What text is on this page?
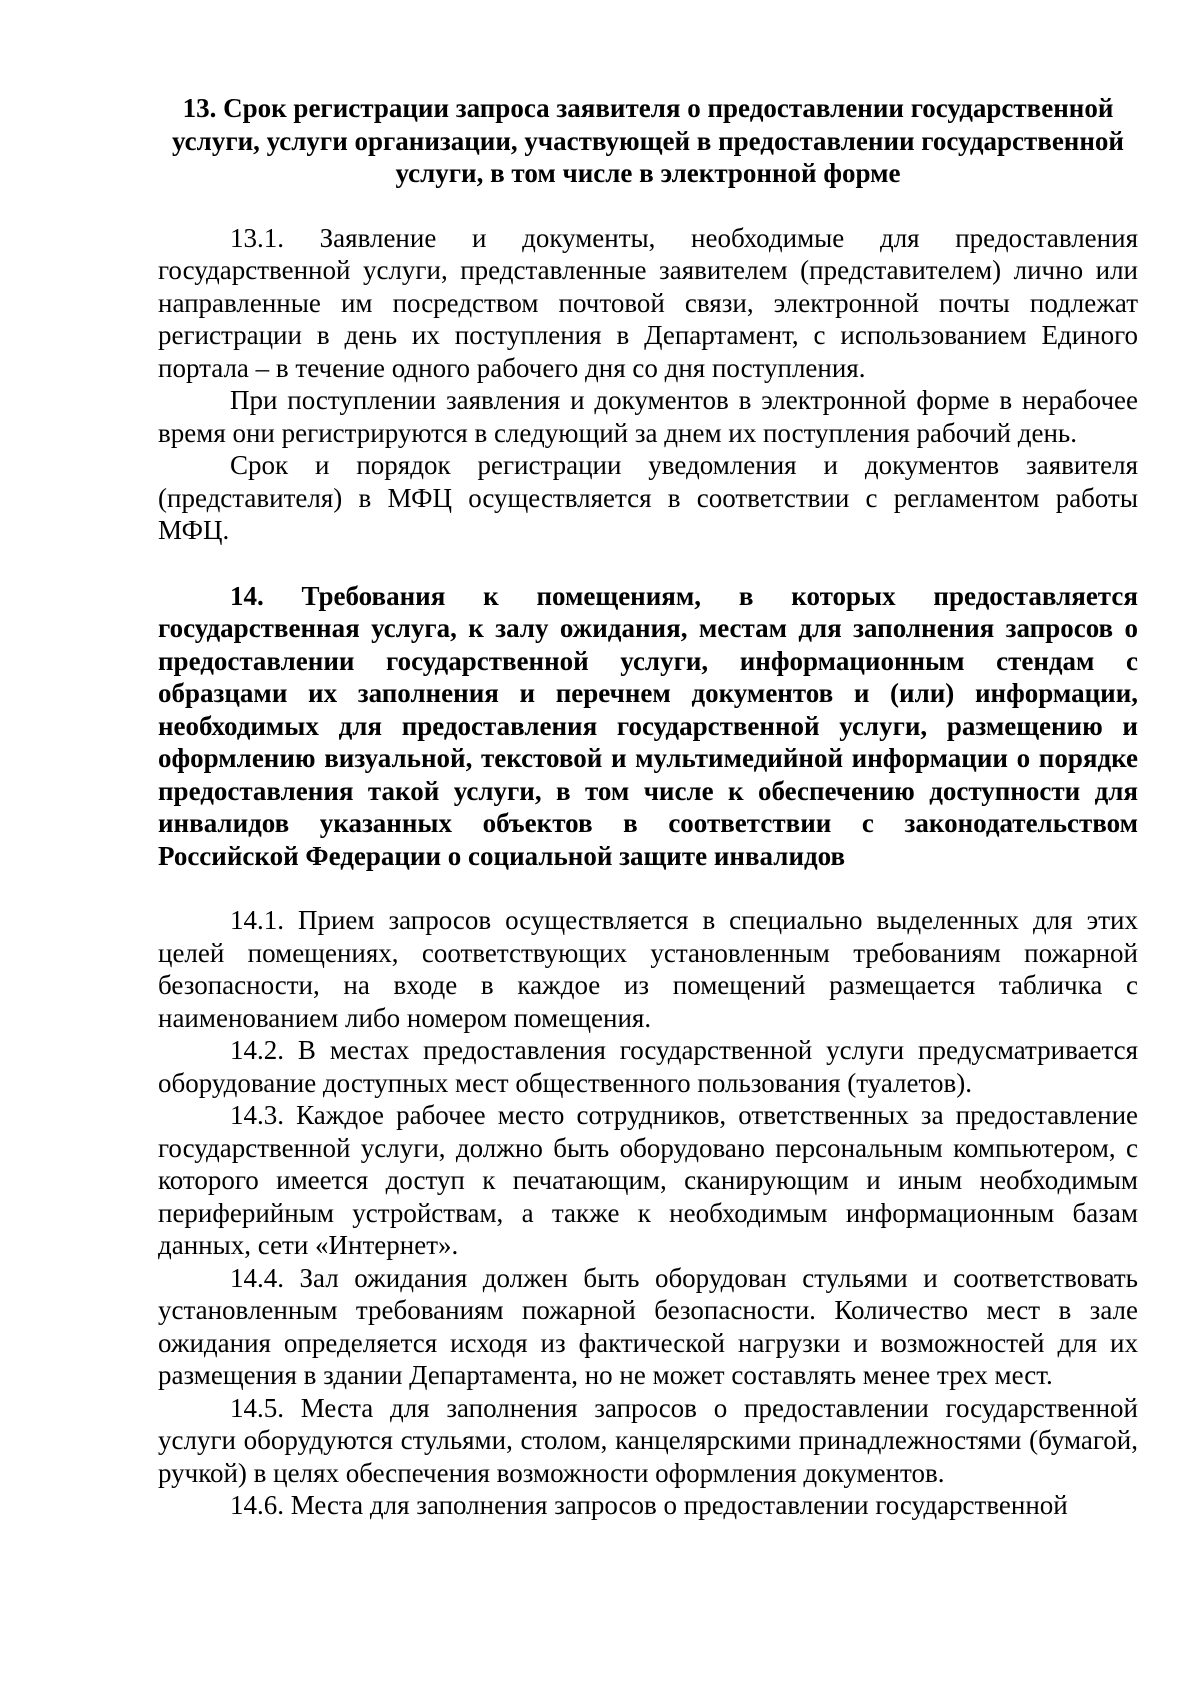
13. Срок регистрации запроса заявителя о предоставлении государственной услуги, услуги организации, участвующей в предоставлении государственной услуги, в том числе в электронной форме

13.1. Заявление и документы, необходимые для предоставления государственной услуги, представленные заявителем (представителем) лично или направленные им посредством почтовой связи, электронной почты подлежат регистрации в день их поступления в Департамент, с использованием Единого портала – в течение одного рабочего дня со дня поступления.

При поступлении заявления и документов в электронной форме в нерабочее время они регистрируются в следующий за днем их поступления рабочий день.

Срок и порядок регистрации уведомления и документов заявителя (представителя) в МФЦ осуществляется в соответствии с регламентом работы МФЦ.

14. Требования к помещениям, в которых предоставляется государственная услуга, к залу ожидания, местам для заполнения запросов о предоставлении государственной услуги, информационным стендам с образцами их заполнения и перечнем документов и (или) информации, необходимых для предоставления государственной услуги, размещению и оформлению визуальной, текстовой и мультимедийной информации о порядке предоставления такой услуги, в том числе к обеспечению доступности для инвалидов указанных объектов в соответствии с законодательством Российской Федерации о социальной защите инвалидов

14.1. Прием запросов осуществляется в специально выделенных для этих целей помещениях, соответствующих установленным требованиям пожарной безопасности, на входе в каждое из помещений размещается табличка с наименованием либо номером помещения.

14.2. В местах предоставления государственной услуги предусматривается оборудование доступных мест общественного пользования (туалетов).

14.3. Каждое рабочее место сотрудников, ответственных за предоставление государственной услуги, должно быть оборудовано персональным компьютером, с которого имеется доступ к печатающим, сканирующим и иным необходимым периферийным устройствам, а также к необходимым информационным базам данных, сети «Интернет».

14.4. Зал ожидания должен быть оборудован стульями и соответствовать установленным требованиям пожарной безопасности. Количество мест в зале ожидания определяется исходя из фактической нагрузки и возможностей для их размещения в здании Департамента, но не может составлять менее трех мест.

14.5. Места для заполнения запросов о предоставлении государственной услуги оборудуются стульями, столом, канцелярскими принадлежностями (бумагой, ручкой) в целях обеспечения возможности оформления документов.

14.6. Места для заполнения запросов о предоставлении государственной
